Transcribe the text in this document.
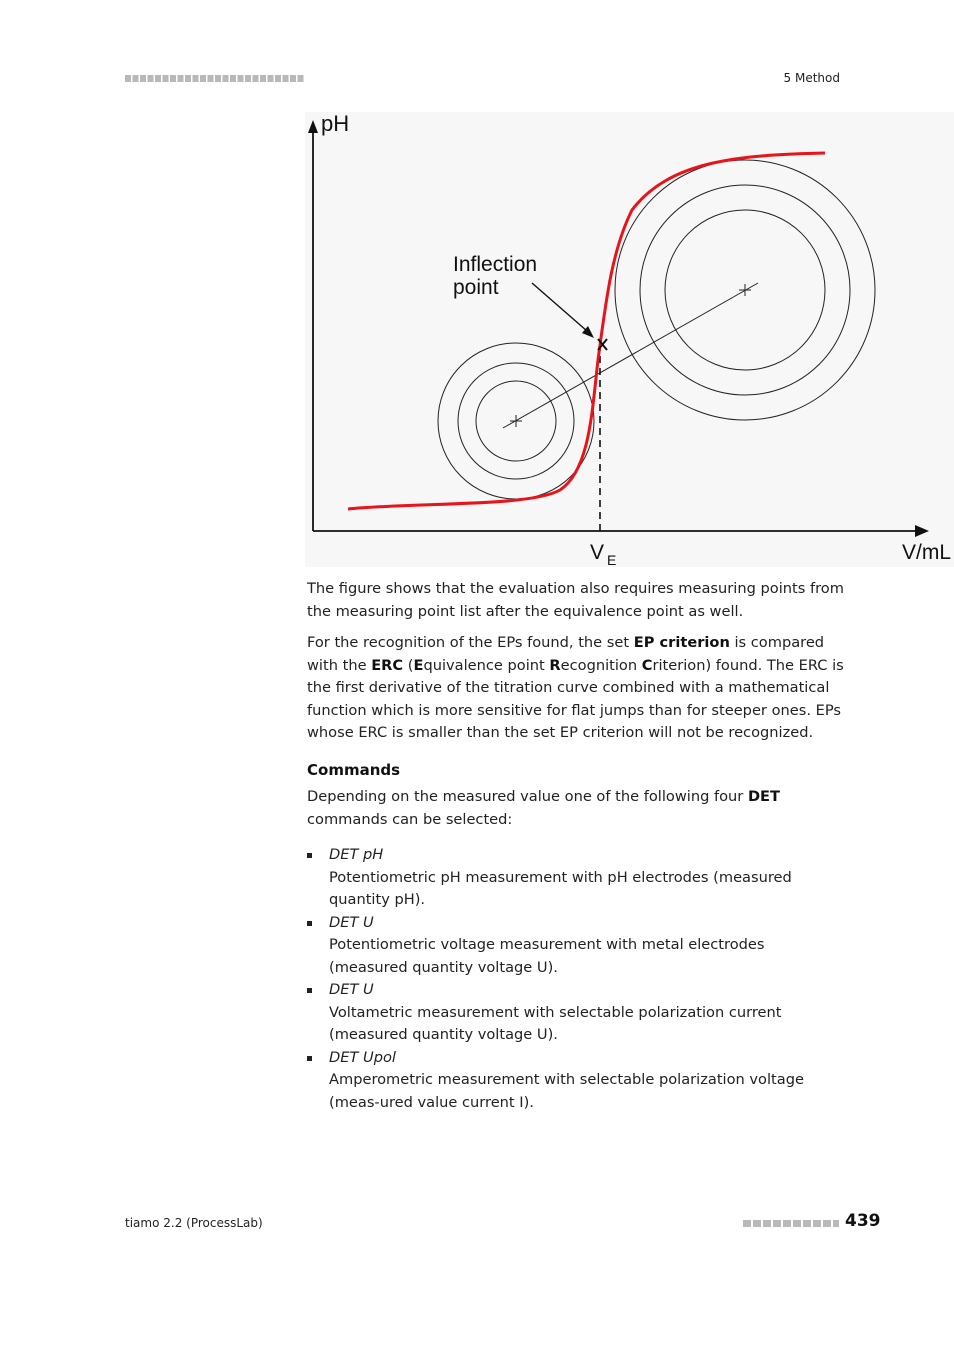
5 Method
pH
V/mL
V E
Inflection
point

The figure shows that the evaluation also requires measuring points from the measuring point list after the equivalence point as well.

For the recognition of the EPs found, the set EP criterion is compared with the ERC (Equivalence point Recognition Criterion) found. The ERC is the first derivative of the titration curve combined with a mathematical function which is more sensitive for flat jumps than for steeper ones. EPs whose ERC is smaller than the set EP criterion will not be recognized.

Commands

Depending on the measured value one of the following four DET commands can be selected:

DET pH
Potentiometric pH measurement with pH electrodes (measured quantity pH).
DET U
Potentiometric voltage measurement with metal electrodes (measured quantity voltage U).
DET U
Voltametric measurement with selectable polarization current (measured quantity voltage U).
DET Upol
Amperometric measurement with selectable polarization voltage (meas-ured value current I).
tiamo 2.2 (ProcessLab)	439
